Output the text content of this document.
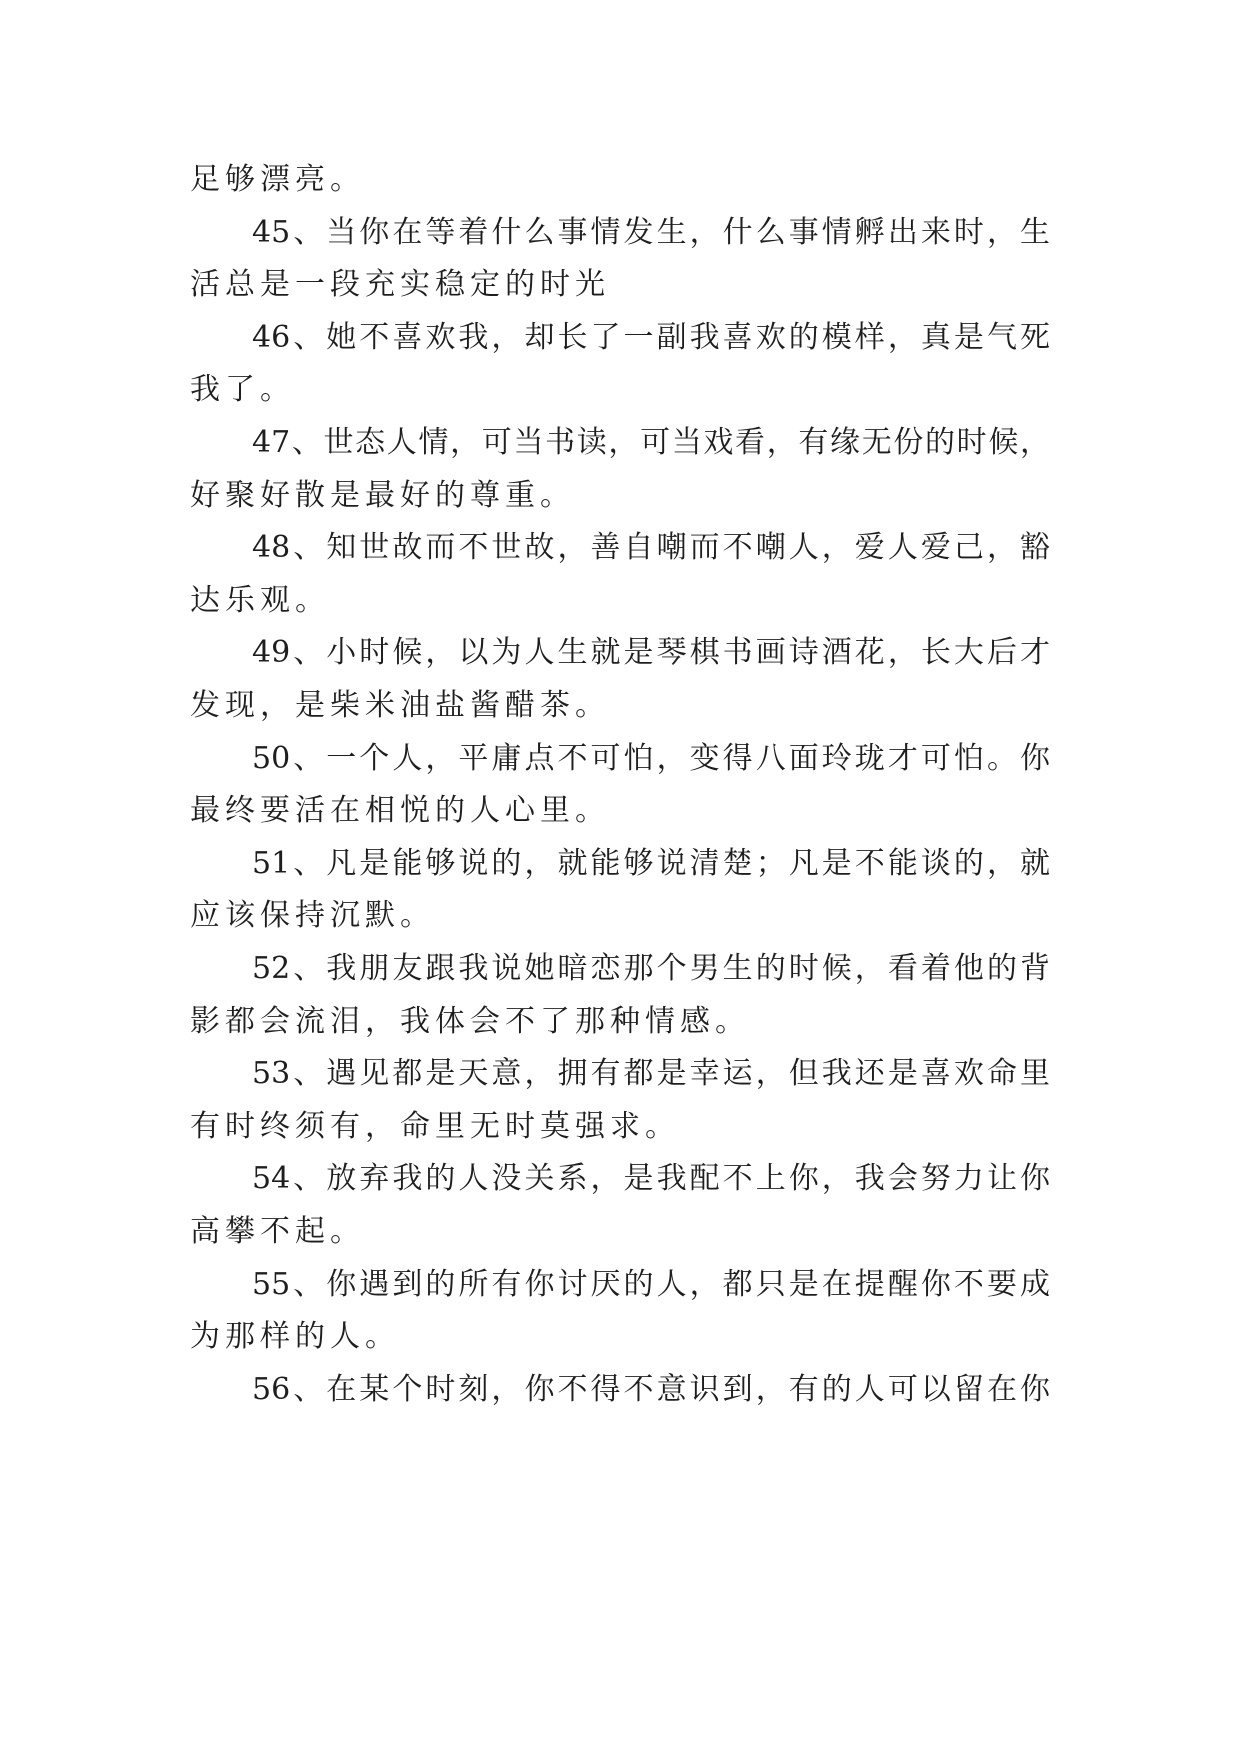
足够漂亮。
45、当你在等着什么事情发生，什么事情孵出来时，生
活总是一段充实稳定的时光
46、她不喜欢我，却长了一副我喜欢的模样，真是气死
我了。
47、世态人情，可当书读，可当戏看，有缘无份的时候，
好聚好散是最好的尊重。
48、知世故而不世故，善自嘲而不嘲人，爱人爱己，豁
达乐观。
49、小时候，以为人生就是琴棋书画诗酒花，长大后才
发现，是柴米油盐酱醋茶。
50、一个人，平庸点不可怕，变得八面玲珑才可怕。你
最终要活在相悦的人心里。
51、凡是能够说的，就能够说清楚；凡是不能谈的，就
应该保持沉默。
52、我朋友跟我说她暗恋那个男生的时候，看着他的背
影都会流泪，我体会不了那种情感。
53、遇见都是天意，拥有都是幸运，但我还是喜欢命里
有时终须有，命里无时莫强求。
54、放弃我的人没关系，是我配不上你，我会努力让你
高攀不起。
55、你遇到的所有你讨厌的人，都只是在提醒你不要成
为那样的人。
56、在某个时刻，你不得不意识到，有的人可以留在你
